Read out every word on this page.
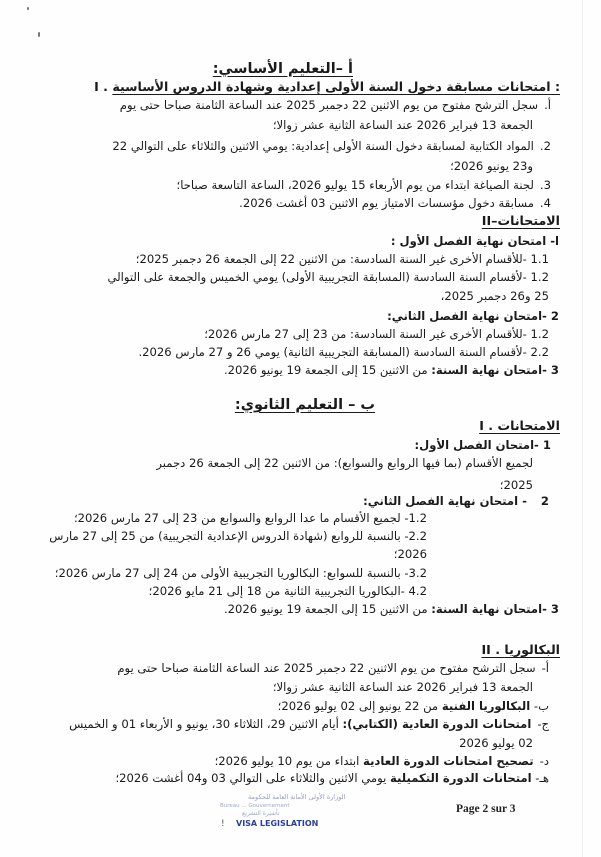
أ –التعليم الأساسي:
I . امتحانات مسابقة دخول السنة الأولى إعدادية وشهادة الدروس الأساسية :
أ.سجل الترشح مفتوح من يوم الاثنين 22 دجمبر 2025 عند الساعة الثامنة صباحا حتى يوم
الجمعة 13 فبراير 2026 عند الساعة الثانية عشر زوالا؛
2.المواد الكتابية لمسابقة دخول السنة الأولى إعدادية: يومي الاثنين والثلاثاء على التوالي 22
و23 يونيو 2026؛
3.لجنة الصياغة ابتداء من يوم الأربعاء 15 يوليو 2026، الساعة التاسعة صباحا؛
4.مسابقة دخول مؤسسات الامتياز يوم الاثنين 03 أغشت 2026.
II–الامتحانات
ا- امتحان نهاية الفصل الأول :
1.1 -للأقسام الأخرى غير السنة السادسة: من الاثنين 22 إلى الجمعة 26 دجمبر 2025؛
1.2 -لأقسام السنة السادسة (المسابقة التجريبية الأولى) يومي الخميس والجمعة على التوالي
25 و26 دجمبر 2025،
2 -امتحان نهاية الفصل الثاني:
1.2 -للأقسام الأخرى غير السنة السادسة: من 23 إلى 27 مارس 2026؛
2.2 -لأقسام السنة السادسة (المسابقة التجريبية الثانية) يومي 26 و 27 مارس 2026.
3 -امتحان نهاية السنة: من الاثنين 15 إلى الجمعة 19 يونيو 2026.
ب – التعليم الثانوي:
I . الامتحانات
1 -امتحان الفصل الأول:
لجميع الأقسام (بما فيها الروابع والسوابع): من الاثنين 22 إلى الجمعة 26 دجمبر
2025؛
2- امتحان نهاية الفصل الثاني:
1.2- لجميع الأقسام ما عدا الروابع والسوابع من 23 إلى 27 مارس 2026؛
2.2- بالنسبة للروابع (شهادة الدروس الإعدادية التجريبية) من 25 إلى 27 مارس
2026؛
3.2- بالنسبة للسوابع: البكالوريا التجريبية الأولى من 24 إلى 27 مارس 2026؛
4.2 -البكالوريا التجريبية الثانية من 18 إلى 21 مايو 2026؛
3 -امتحان نهاية السنة: من الاثنين 15 إلى الجمعة 19 يونيو 2026.
II . البكالوريا
أ-سجل الترشح مفتوح من يوم الاثنين 22 دجمبر 2025 عند الساعة الثامنة صباحا حتى يوم
الجمعة 13 فبراير 2026 عند الساعة الثانية عشر زوالا؛
ب- البكالوريا الفنية من 22 يونيو إلى 02 يوليو 2026؛
ج-امتحانات الدورة العادية (الكتابي): أيام الاثنين 29، الثلاثاء 30، يونيو و الأربعاء 01 و الخميس
02 يوليو 2026
د-تصحيح امتحانات الدورة العادية ابتداء من يوم 10 يوليو 2026؛
هـ- امتحانات الدورة التكميلية يومي الاثنين والثلاثاء على التوالي 03 و04 أغشت 2026؛
الوزارة الأولى الأمانة العامة للحكومة
Bureau ... Gouvernement
تأشيرة التشريع
! VISA LEGISLATION
Page 2 sur 3
